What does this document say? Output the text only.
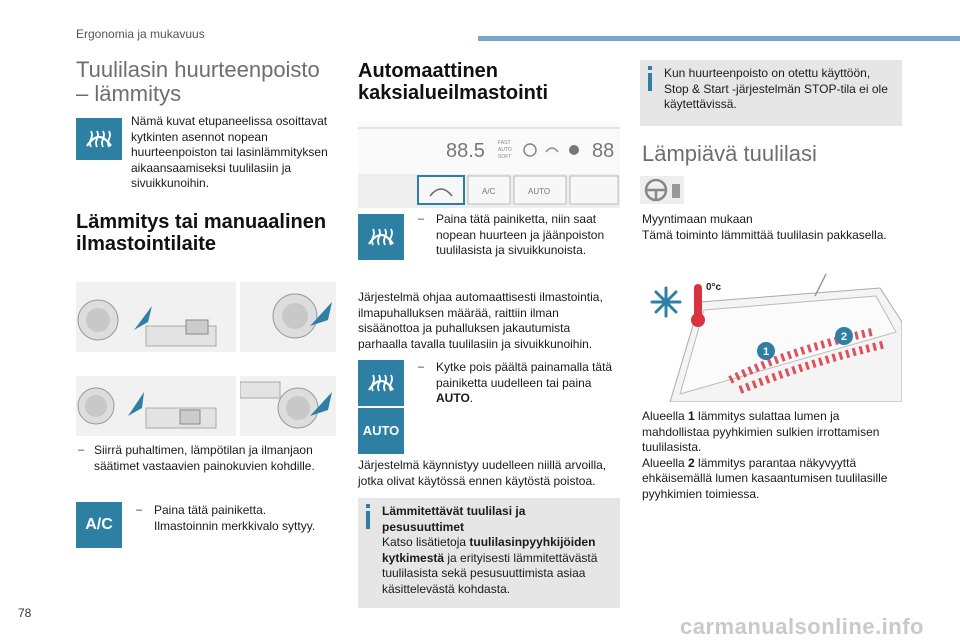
Ergonomia ja mukavuus
Tuulilasin huurteenpoisto
– lämmitys
Nämä kuvat etupaneelissa osoittavat kytkinten asennot nopean huurteenpoiston tai lasinlämmityksen aikaansaamiseksi tuulilasiin ja sivuikkunoihin.
Lämmitys tai manuaalinen
ilmastointilaite
– Siirrä puhaltimen, lämpötilan ja ilmanjaon
säätimet vastaavien painokuvien kohdille.
A/C
– Paina tätä painiketta.
Ilmastoinnin merkkivalo syttyy.
Automaattinen
kaksialueilmastointi
88.5	FAST
AUTO
SOFT	88
A/C	AUTO
– Paina tätä painiketta, niin saat
nopean huurteen ja jäänpoiston
tuulilasista ja sivuikkunoista.
Järjestelmä ohjaa automaattisesti ilmastointia, ilmapuhalluksen määrää, raittiin ilman sisäänottoa ja puhalluksen jakautumista parhaalla tavalla tuulilasiin ja sivuikkunoihin.
AUTO
– Kytke pois päältä painamalla tätä
painiketta uudelleen tai paina
AUTO.
Järjestelmä käynnistyy uudelleen niillä arvoilla, jotka olivat käytössä ennen käytöstä poistoa.
Lämmitettävät tuulilasi ja
pesusuuttimet
Katso lisätietoja tuulilasinpyyhkijöiden kytkimestä ja erityisesti lämmitettävästä tuulilasista sekä pesusuuttimista asiaa käsittelevästä kohdasta.
Kun huurteenpoisto on otettu käyttöön, Stop & Start -järjestelmän STOP-tila ei ole käytettävissä.
Lämpiävä tuulilasi
Myyntimaan mukaan
Tämä toiminto lämmittää tuulilasin pakkasella.
0°c
1
2
Alueella 1 lämmitys sulattaa lumen ja mahdollistaa pyyhkimien sulkien irrottamisen tuulilasista.
Alueella 2 lämmitys parantaa näkyvyyttä ehkäisemällä lumen kasaantumisen tuulilasille pyyhkimien toimiessa.
78
carmanualsonline.info
